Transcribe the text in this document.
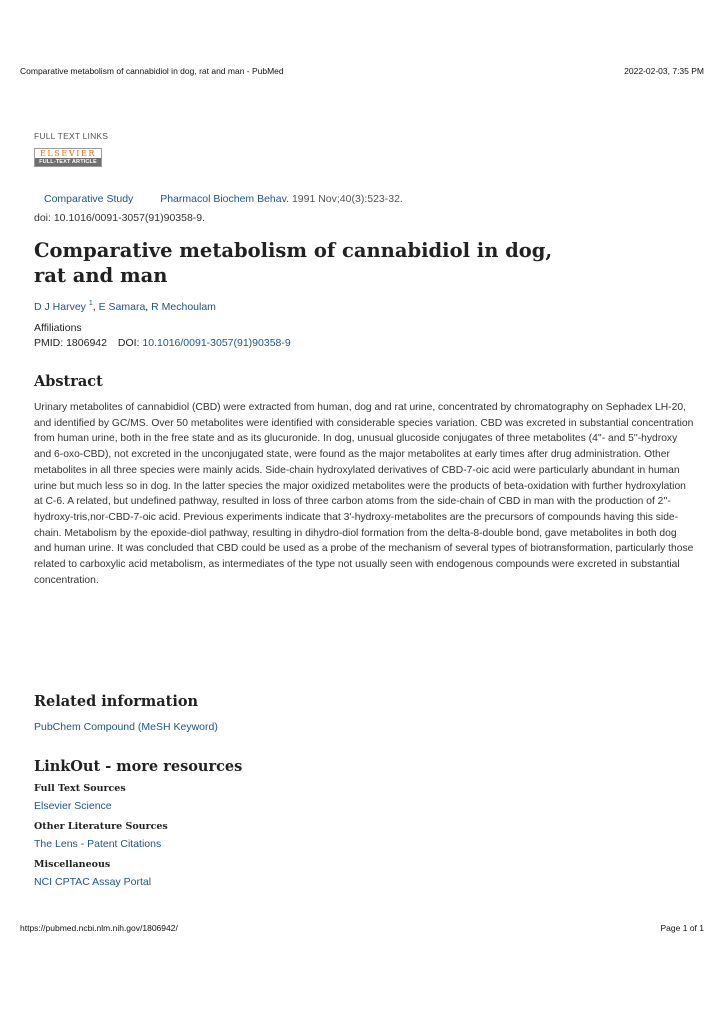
Comparative metabolism of cannabidiol in dog, rat and man - PubMed	2022-02-03, 7:35 PM
FULL TEXT LINKS
ELSEVIER
FULL-TEXT ARTICLE
Comparative Study	Pharmacol Biochem Behav. 1991 Nov;40(3):523-32.
doi: 10.1016/0091-3057(91)90358-9.
Comparative metabolism of cannabidiol in dog, rat and man
D J Harvey $^1$, E Samara, R Mechoulam
Affiliations
PMID: 1806942 DOI: 10.1016/0091-3057(91)90358-9
Abstract

Urinary metabolites of cannabidiol (CBD) were extracted from human, dog and rat urine, concentrated by chromatography on Sephadex LH-20, and identified by GC/MS. Over 50 metabolites were identified with considerable species variation. CBD was excreted in substantial concentration from human urine, both in the free state and as its glucuronide. In dog, unusual glucoside conjugates of three metabolites (4''- and 5''-hydroxy and 6-oxo-CBD), not excreted in the unconjugated state, were found as the major metabolites at early times after drug administration. Other metabolites in all three species were mainly acids. Side-chain hydroxylated derivatives of CBD-7-oic acid were particularly abundant in human urine but much less so in dog. In the latter species the major oxidized metabolites were the products of beta-oxidation with further hydroxylation at C-6. A related, but undefined pathway, resulted in loss of three carbon atoms from the side-chain of CBD in man with the production of 2''-hydroxy-tris,nor-CBD-7-oic acid. Previous experiments indicate that 3'-hydroxy-metabolites are the precursors of compounds having this side-chain. Metabolism by the epoxide-diol pathway, resulting in dihydro-diol formation from the delta-8-double bond, gave metabolites in both dog and human urine. It was concluded that CBD could be used as a probe of the mechanism of several types of biotransformation, particularly those related to carboxylic acid metabolism, as intermediates of the type not usually seen with endogenous compounds were excreted in substantial concentration.

Related information
PubChem Compound (MeSH Keyword)
LinkOut - more resources
Full Text Sources
Elsevier Science
Other Literature Sources
The Lens - Patent Citations
Miscellaneous
NCI CPTAC Assay Portal
https://pubmed.ncbi.nlm.nih.gov/1806942/	Page 1 of 1
